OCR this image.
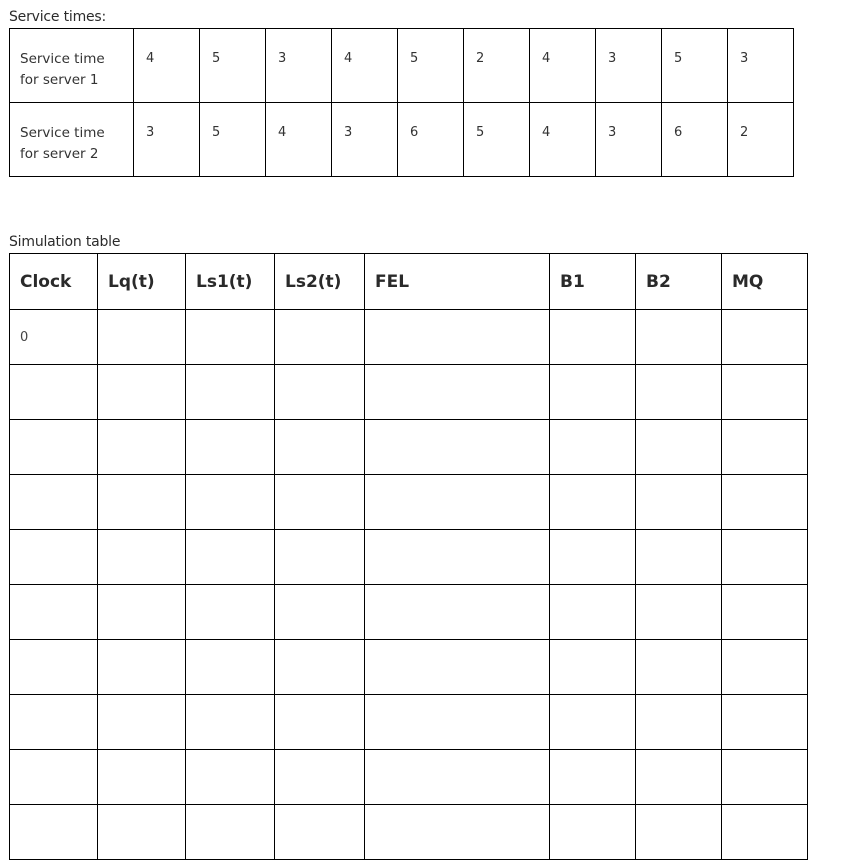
Service times:
Service time
for server 1	4	5	3	4	5	2	4	3	5	3

Service time
for server 2	3	5	4	3	6	5	4	3	6	2
Simulation table
Clock	Lq(t)	Ls1(t)	Ls2(t)	FEL	B1	B2	MQ
0							
